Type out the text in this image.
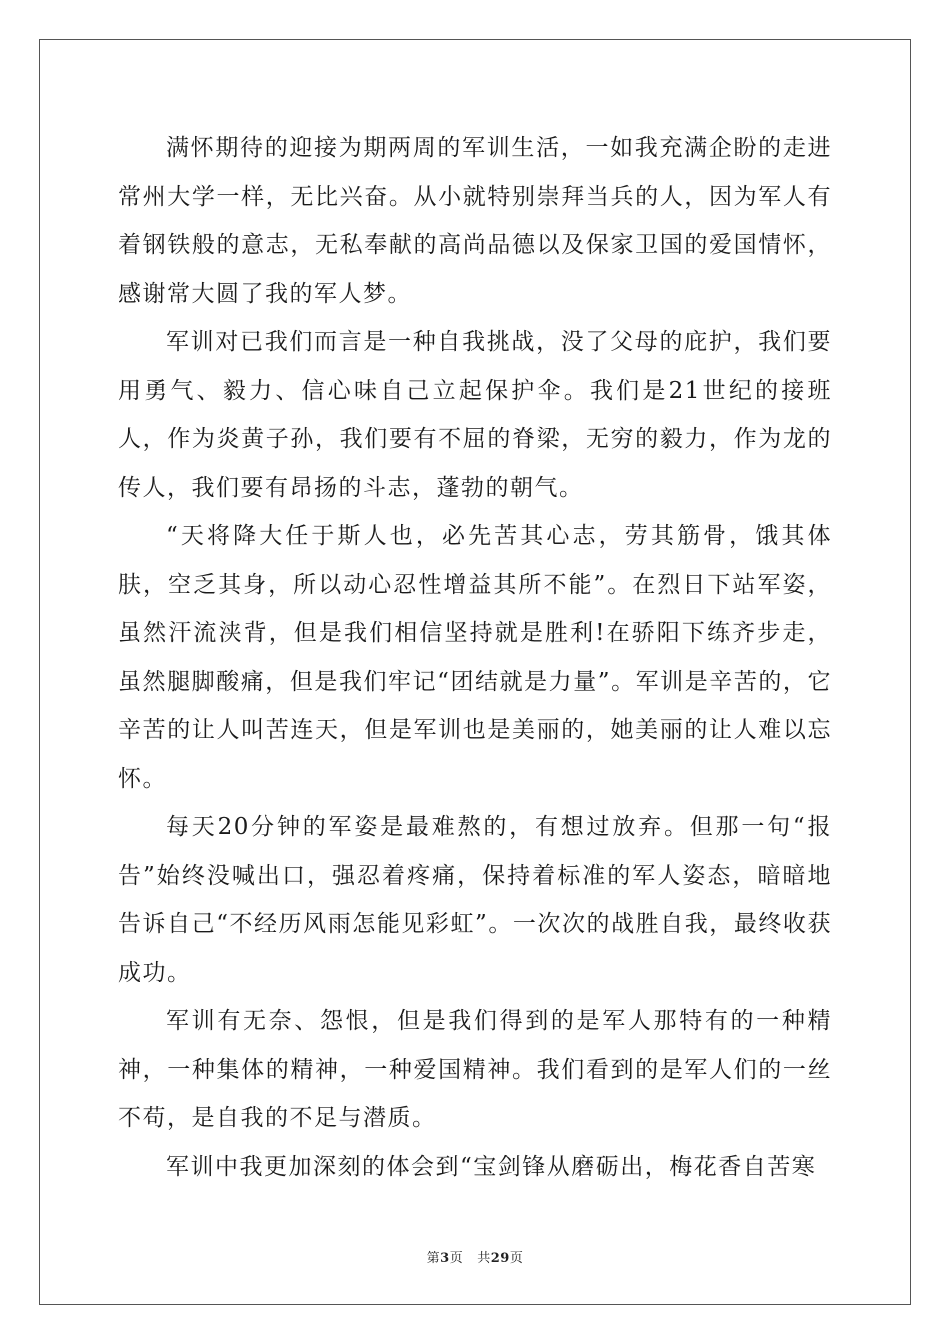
满怀期待的迎接为期两周的军训生活，一如我充满企盼的走进常州大学一样，无比兴奋。从小就特别崇拜当兵的人，因为军人有着钢铁般的意志，无私奉献的高尚品德以及保家卫国的爱国情怀，感谢常大圆了我的军人梦。

军训对已我们而言是一种自我挑战，没了父母的庇护，我们要用勇气、毅力、信心味自己立起保护伞。我们是21世纪的接班人，作为炎黄子孙，我们要有不屈的脊梁，无穷的毅力，作为龙的传人，我们要有昂扬的斗志，蓬勃的朝气。

“天将降大任于斯人也，必先苦其心志，劳其筋骨，饿其体肤，空乏其身，所以动心忍性增益其所不能”。在烈日下站军姿，虽然汗流浃背，但是我们相信坚持就是胜利!在骄阳下练齐步走，虽然腿脚酸痛，但是我们牢记“团结就是力量”。军训是辛苦的，它辛苦的让人叫苦连天，但是军训也是美丽的，她美丽的让人难以忘怀。

每天20分钟的军姿是最难熬的，有想过放弃。但那一句“报告”始终没喊出口，强忍着疼痛，保持着标准的军人姿态，暗暗地告诉自己“不经历风雨怎能见彩虹”。一次次的战胜自我，最终收获成功。

军训有无奈、怨恨，但是我们得到的是军人那特有的一种精神，一种集体的精神，一种爱国精神。我们看到的是军人们的一丝不苟，是自我的不足与潜质。

军训中我更加深刻的体会到“宝剑锋从磨砺出，梅花香自苦寒

第3页 共29页
